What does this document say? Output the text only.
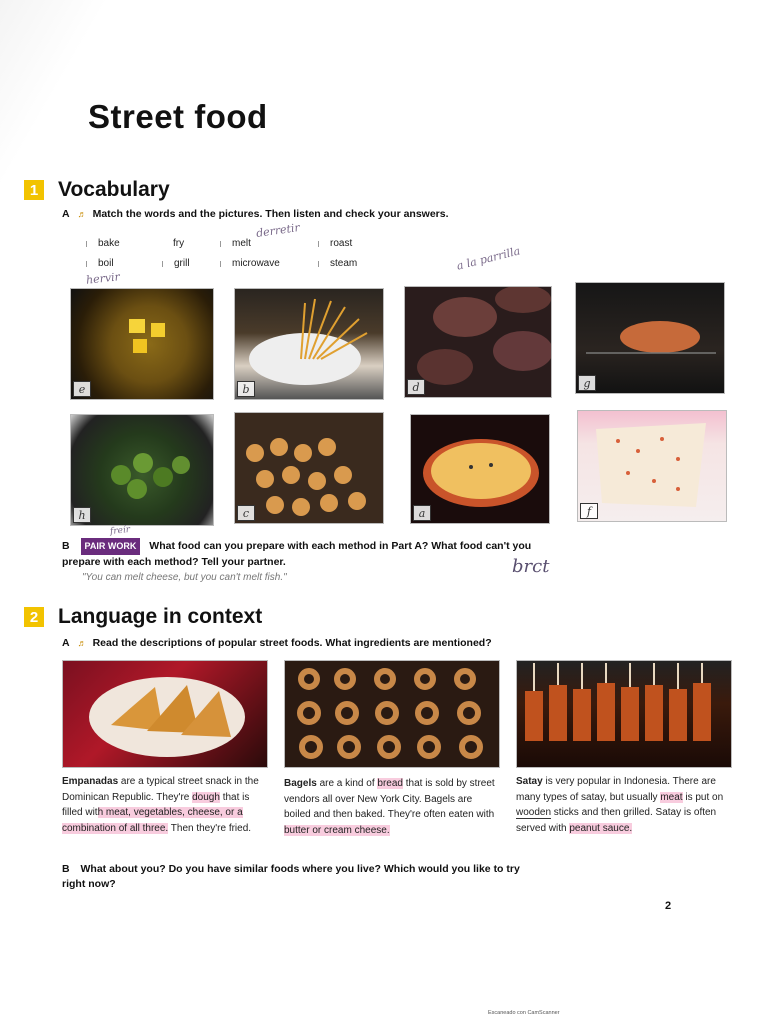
Street food
1 Vocabulary
A ♬ Match the words and the pictures. Then listen and check your answers.
bake	fry	melt	roast
boil	grill	microwave	steam
derretir
hervir
a la parrilla
e	b	d	g
h	c	a	f
freír
B PAIR WORK What food can you prepare with each method in Part A? What food can't you prepare with each method? Tell your partner.
"You can melt cheese, but you can't melt fish."
brct
2 Language in context
A ♬ Read the descriptions of popular street foods. What ingredients are mentioned?
Empanadas are a typical street snack in the Dominican Republic. They're dough that is filled with meat, vegetables, cheese, or a combination of all three. Then they're fried.
Bagels are a kind of bread that is sold by street vendors all over New York City. Bagels are boiled and then baked. They're often eaten with butter or cream cheese.
Satay is very popular in Indonesia. There are many types of satay, but usually meat is put on wooden sticks and then grilled. Satay is often served with peanut sauce.
B What about you? Do you have similar foods where you live? Which would you like to try right now?
2
Escaneado con CamScanner
